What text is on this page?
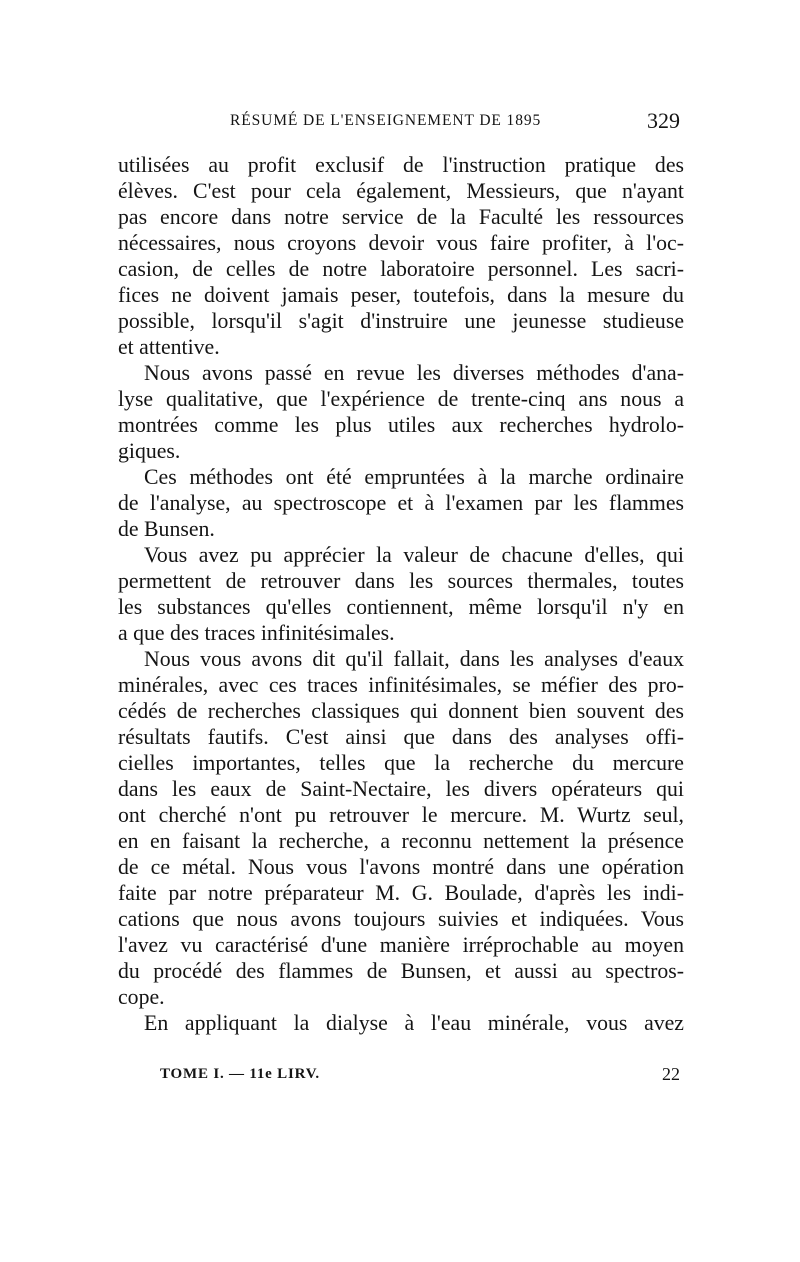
RÉSUMÉ DE L'ENSEIGNEMENT DE 1895	329
utilisées au profit exclusif de l'instruction pratique des
élèves. C'est pour cela également, Messieurs, que n'ayant
pas encore dans notre service de la Faculté les ressources
nécessaires, nous croyons devoir vous faire profiter, à l'oc-
casion, de celles de notre laboratoire personnel. Les sacri-
fices ne doivent jamais peser, toutefois, dans la mesure du
possible, lorsqu'il s'agit d'instruire une jeunesse studieuse
et attentive.
Nous avons passé en revue les diverses méthodes d'ana-
lyse qualitative, que l'expérience de trente-cinq ans nous a
montrées comme les plus utiles aux recherches hydrolo-
giques.
Ces méthodes ont été empruntées à la marche ordinaire
de l'analyse, au spectroscope et à l'examen par les flammes
de Bunsen.
Vous avez pu apprécier la valeur de chacune d'elles, qui
permettent de retrouver dans les sources thermales, toutes
les substances qu'elles contiennent, même lorsqu'il n'y en
a que des traces infinitésimales.
Nous vous avons dit qu'il fallait, dans les analyses d'eaux
minérales, avec ces traces infinitésimales, se méfier des pro-
cédés de recherches classiques qui donnent bien souvent des
résultats fautifs. C'est ainsi que dans des analyses offi-
cielles importantes, telles que la recherche du mercure
dans les eaux de Saint-Nectaire, les divers opérateurs qui
ont cherché n'ont pu retrouver le mercure. M. Wurtz seul,
en en faisant la recherche, a reconnu nettement la présence
de ce métal. Nous vous l'avons montré dans une opération
faite par notre préparateur M. G. Boulade, d'après les indi-
cations que nous avons toujours suivies et indiquées. Vous
l'avez vu caractérisé d'une manière irréprochable au moyen
du procédé des flammes de Bunsen, et aussi au spectros-
cope.
En appliquant la dialyse à l'eau minérale, vous avez
TOME I. — 11e LIRV.	22
